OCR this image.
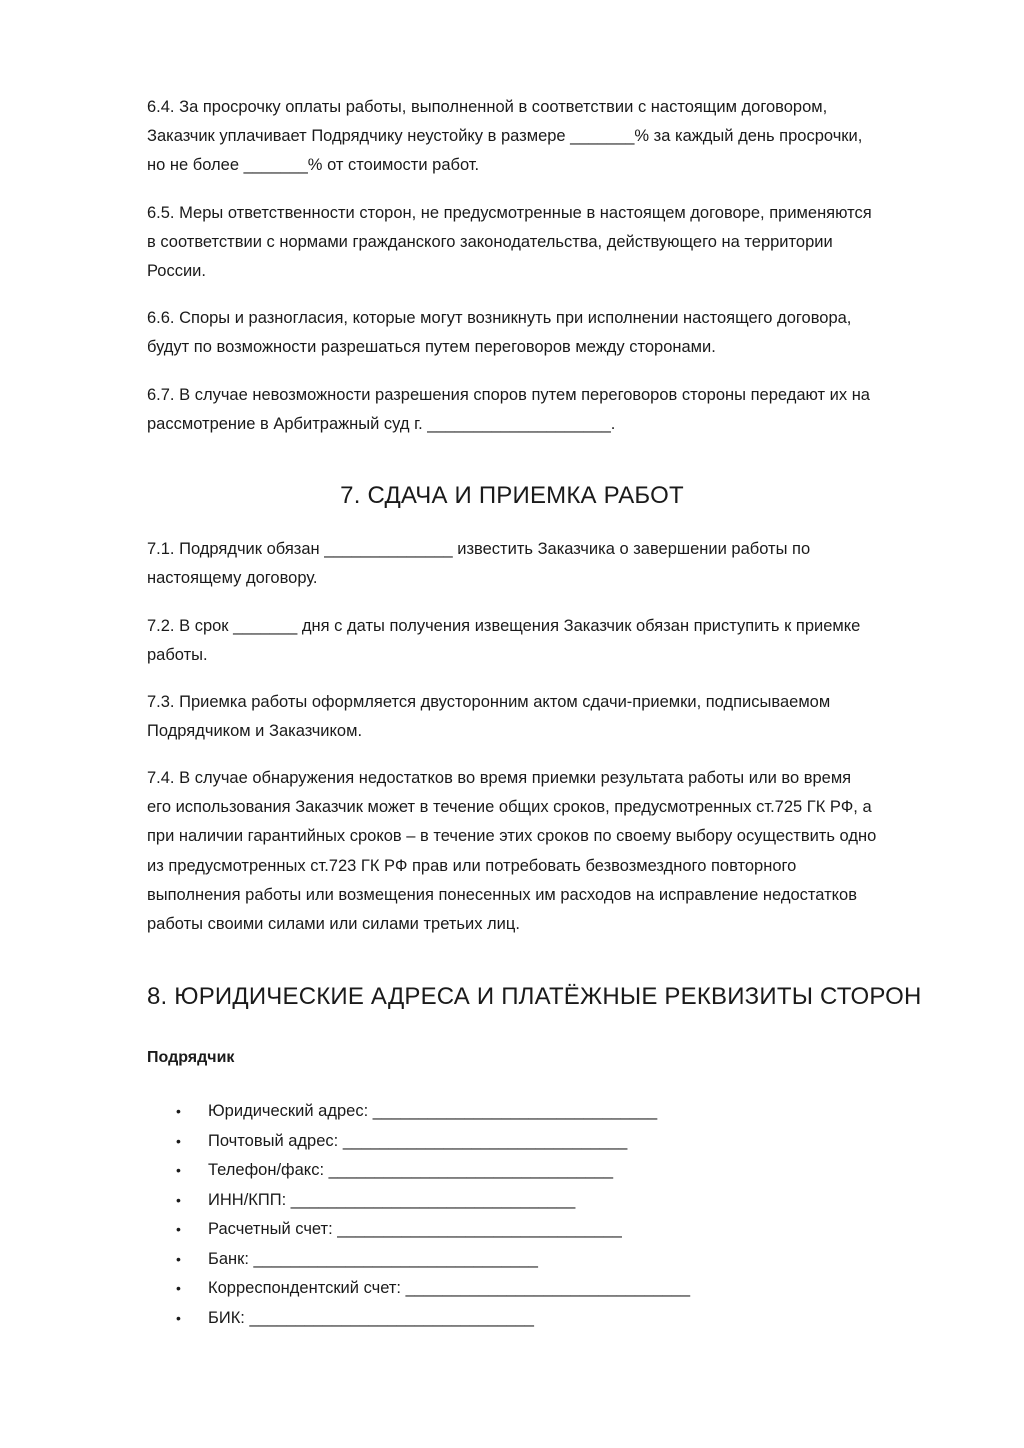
6.4. За просрочку оплаты работы, выполненной в соответствии с настоящим договором,
Заказчик уплачивает Подрядчику неустойку в размере _______% за каждый день просрочки,
но не более _______% от стоимости работ.

6.5. Меры ответственности сторон, не предусмотренные в настоящем договоре, применяются
в соответствии с нормами гражданского законодательства, действующего на территории
России.

6.6. Споры и разногласия, которые могут возникнуть при исполнении настоящего договора,
будут по возможности разрешаться путем переговоров между сторонами.

6.7. В случае невозможности разрешения споров путем переговоров стороны передают их на
рассмотрение в Арбитражный суд г. ____________________.

7. СДАЧА И ПРИЕМКА РАБОТ

7.1. Подрядчик обязан ______________ известить Заказчика о завершении работы по
настоящему договору.

7.2. В срок _______ дня с даты получения извещения Заказчик обязан приступить к приемке
работы.

7.3. Приемка работы оформляется двусторонним актом сдачи-приемки, подписываемом
Подрядчиком и Заказчиком.

7.4. В случае обнаружения недостатков во время приемки результата работы или во время
его использования Заказчик может в течение общих сроков, предусмотренных ст.725 ГК РФ, а
при наличии гарантийных сроков – в течение этих сроков по своему выбору осуществить одно
из предусмотренных ст.723 ГК РФ прав или потребовать безвозмездного повторного
выполнения работы или возмещения понесенных им расходов на исправление недостатков
работы своими силами или силами третьих лиц.

8. ЮРИДИЧЕСКИЕ АДРЕСА И ПЛАТЁЖНЫЕ РЕКВИЗИТЫ СТОРОН

Подрядчик

• Юридический адрес: _______________________________
• Почтовый адрес: _______________________________
• Телефон/факс: _______________________________
• ИНН/КПП: _______________________________
• Расчетный счет: _______________________________
• Банк: _______________________________
• Корреспондентский счет: _______________________________
• БИК: _______________________________
